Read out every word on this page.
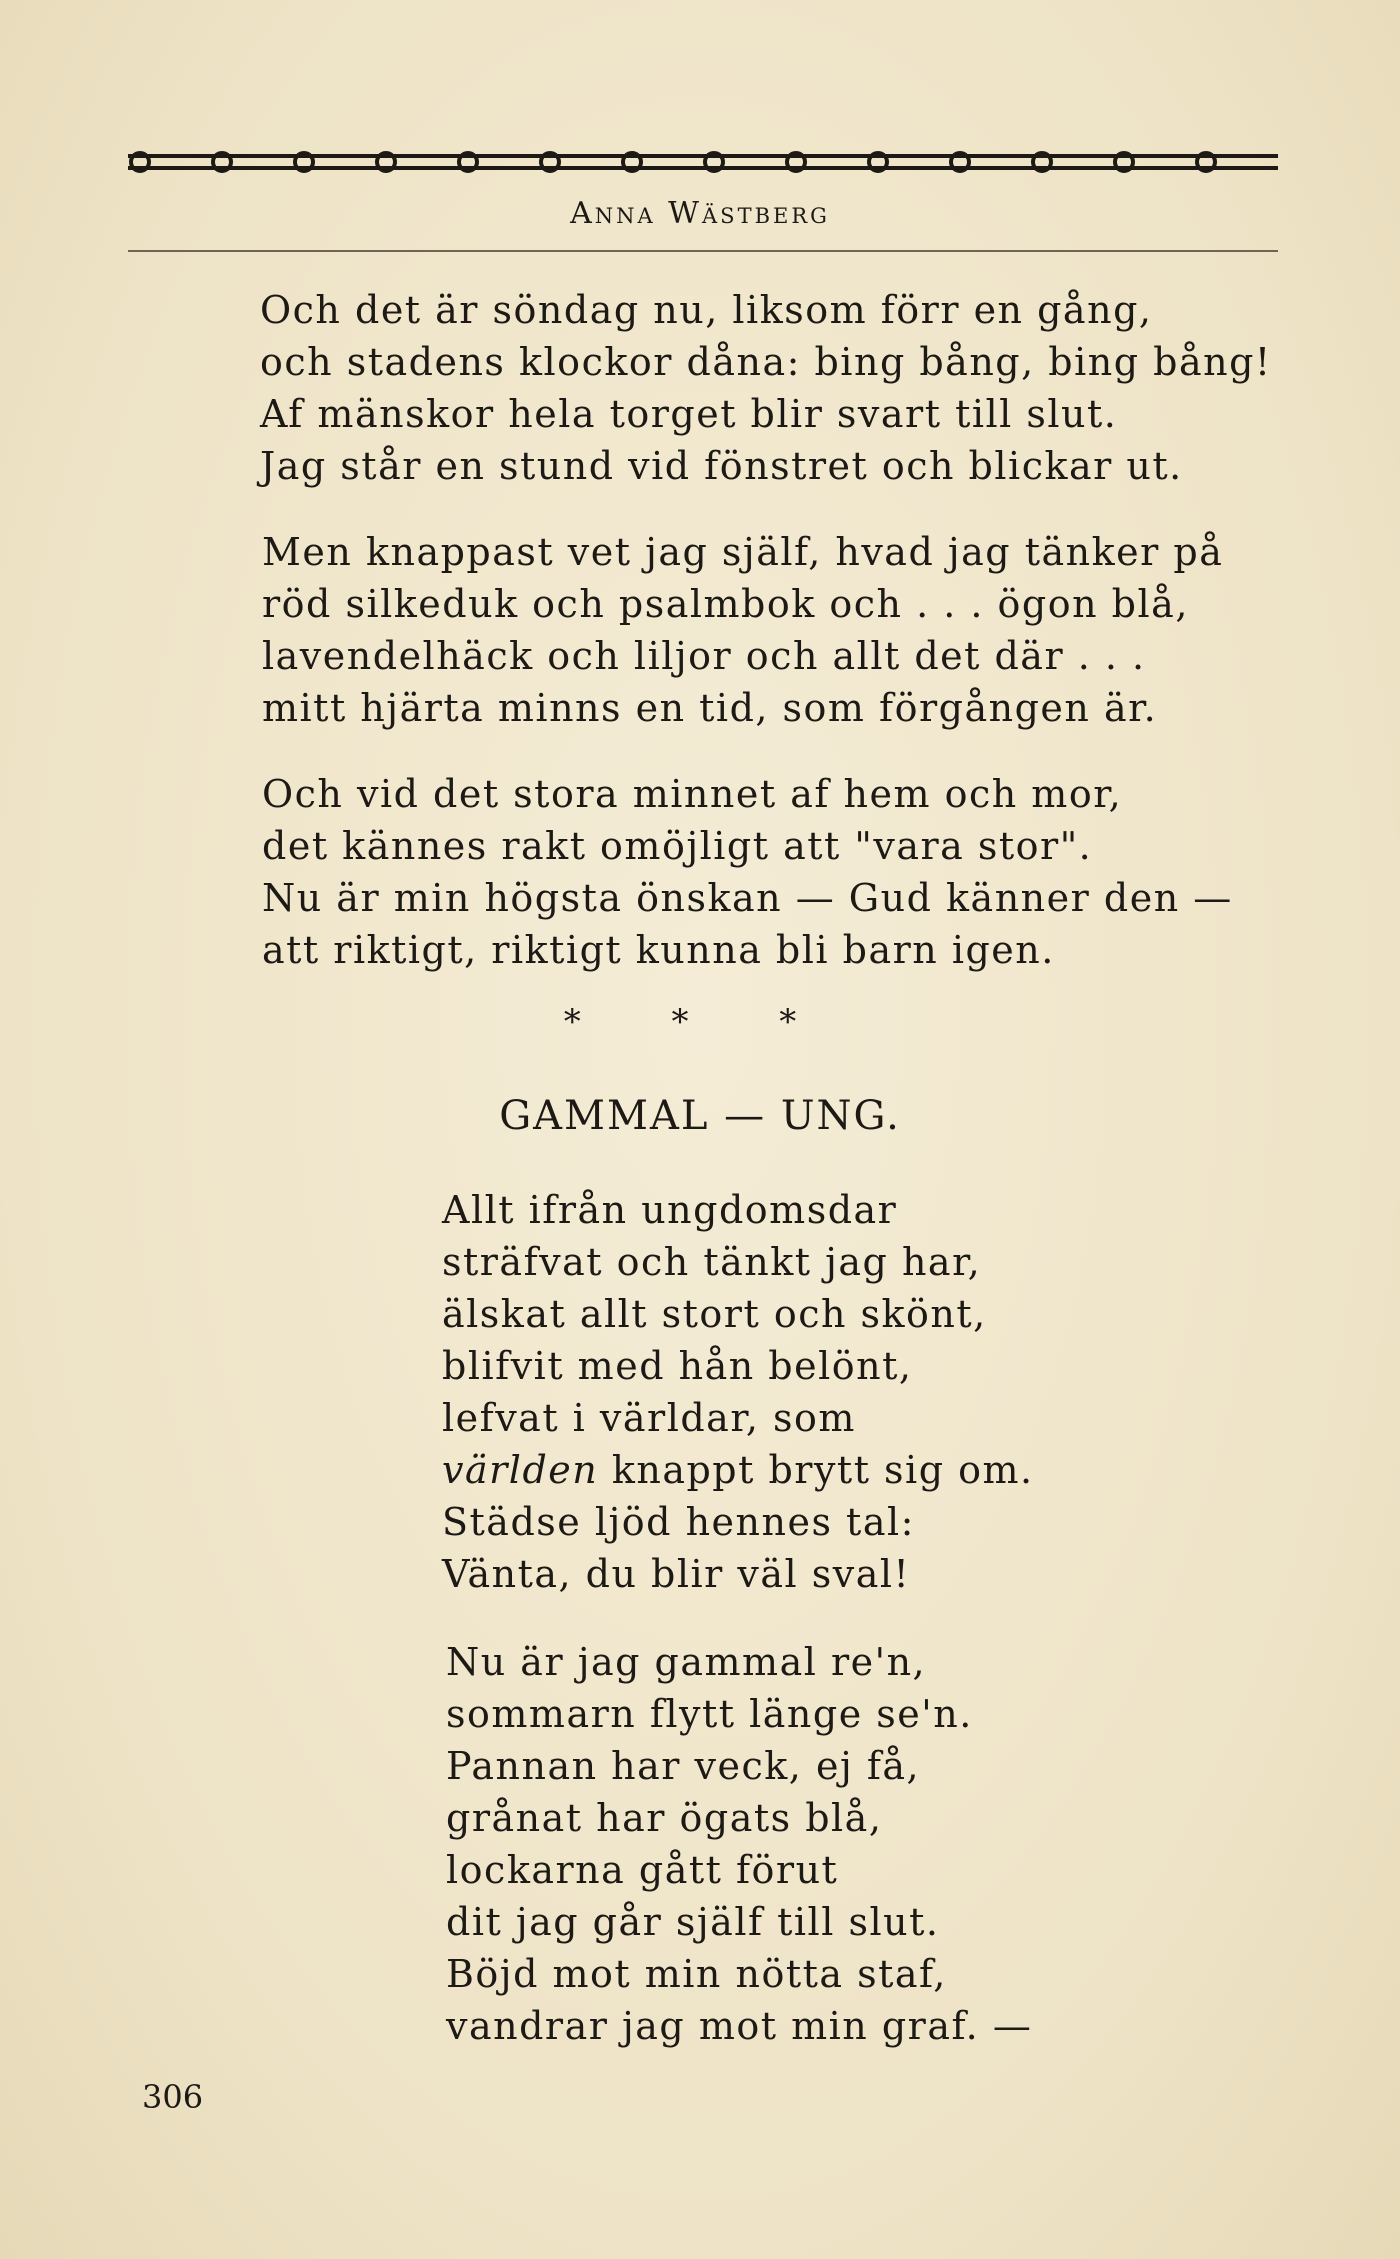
Anna Wästberg
Och det är söndag nu, liksom förr en gång,
och stadens klockor dåna: bing bång, bing bång!
Af mänskor hela torget blir svart till slut.
Jag står en stund vid fönstret och blickar ut.
Men knappast vet jag själf, hvad jag tänker på
röd silkeduk och psalmbok och . . . ögon blå,
lavendelhäck och liljor och allt det där . . .
mitt hjärta minns en tid, som förgången är.
Och vid det stora minnet af hem och mor,
det kännes rakt omöjligt att "vara stor".
Nu är min högsta önskan — Gud känner den —
att riktigt, riktigt kunna bli barn igen.
* * *
GAMMAL — UNG.
Allt ifrån ungdomsdar
sträfvat och tänkt jag har,
älskat allt stort och skönt,
blifvit med hån belönt,
lefvat i världar, som
världen knappt brytt sig om.
Städse ljöd hennes tal:
Vänta, du blir väl sval!
Nu är jag gammal re'n,
sommarn flytt länge se'n.
Pannan har veck, ej få,
grånat har ögats blå,
lockarna gått förut
dit jag går själf till slut.
Böjd mot min nötta staf,
vandrar jag mot min graf. —
306
